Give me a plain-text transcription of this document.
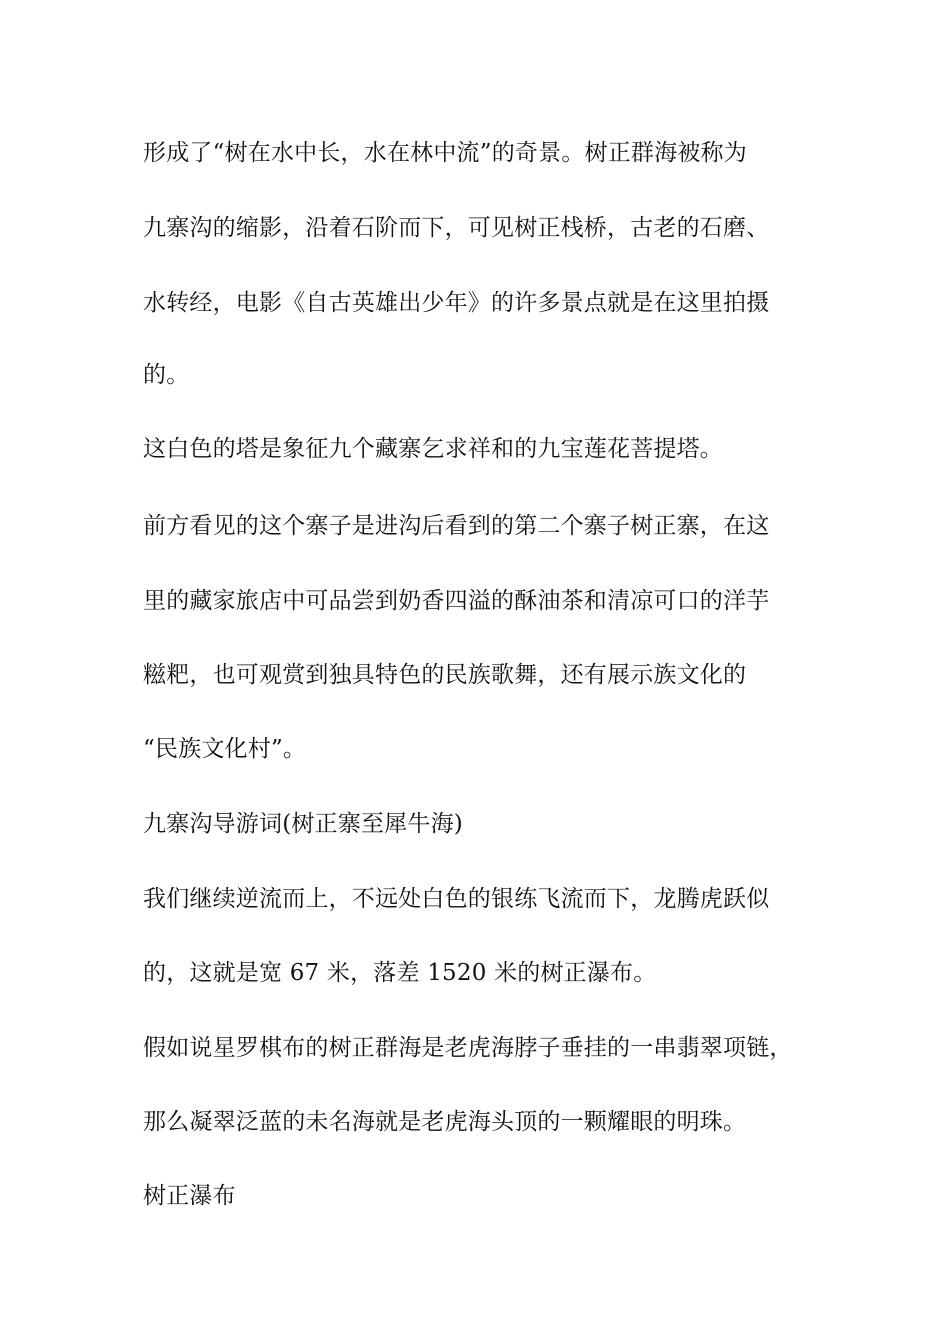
形成了“树在水中长，水在林中流”的奇景。树正群海被称为
九寨沟的缩影，沿着石阶而下，可见树正栈桥，古老的石磨、
水转经，电影《自古英雄出少年》的许多景点就是在这里拍摄
的。
这白色的塔是象征九个藏寨乞求祥和的九宝莲花菩提塔。
前方看见的这个寨子是进沟后看到的第二个寨子树正寨，在这
里的藏家旅店中可品尝到奶香四溢的酥油茶和清凉可口的洋芋
糍粑，也可观赏到独具特色的民族歌舞，还有展示族文化的
“民族文化村”。
九寨沟导游词(树正寨至犀牛海)
我们继续逆流而上，不远处白色的银练飞流而下，龙腾虎跃似
的，这就是宽 67 米，落差 1520 米的树正瀑布。
假如说星罗棋布的树正群海是老虎海脖子垂挂的一串翡翠项链，
那么凝翠泛蓝的未名海就是老虎海头顶的一颗耀眼的明珠。
树正瀑布
